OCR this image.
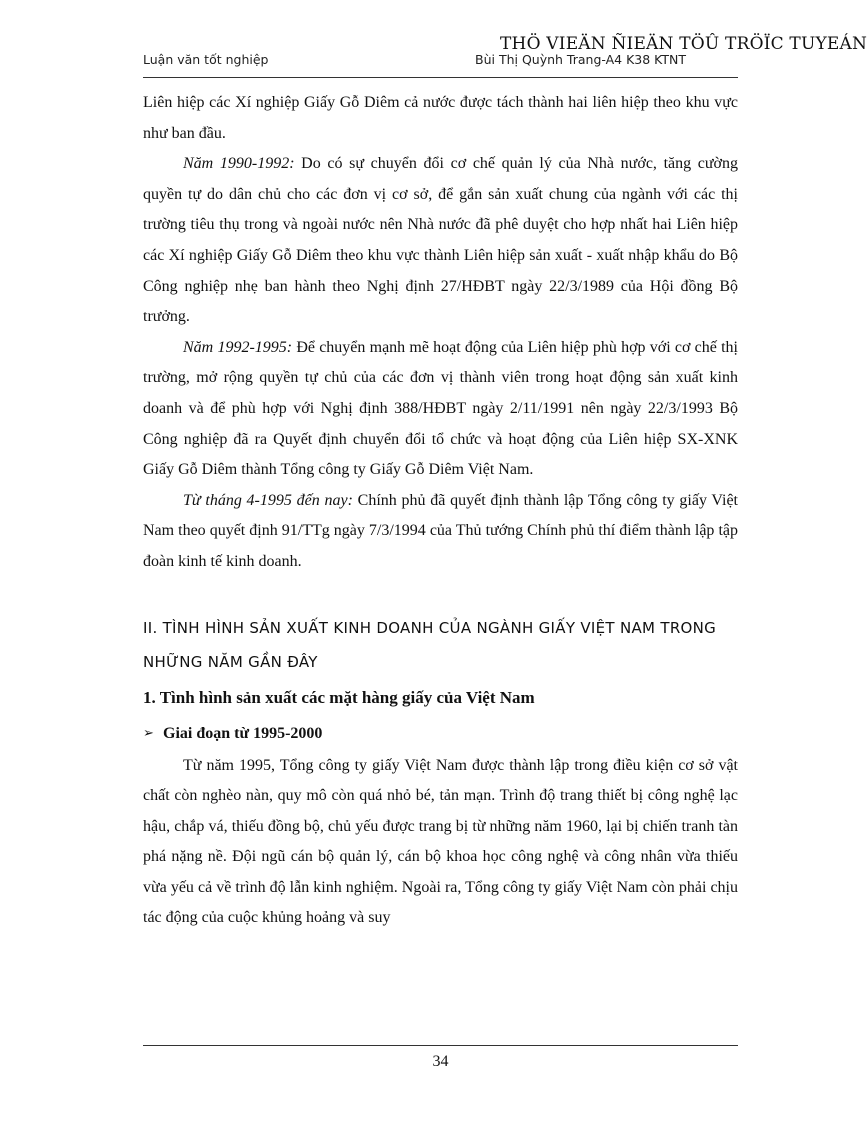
THÖ VIEÄN ÑIEÄN TÖÛ TRÖÏC TUYEÁN
Luận văn tốt nghiệp	Bùi Thị Quỳnh Trang-A4 K38 KTNT

Liên hiệp các Xí nghiệp Giấy Gỗ Diêm cả nước được tách thành hai liên hiệp theo khu vực như ban đầu.

Năm 1990-1992: Do có sự chuyển đổi cơ chế quản lý của Nhà nước, tăng cường quyền tự do dân chủ cho các đơn vị cơ sở, để gắn sản xuất chung của ngành với các thị trường tiêu thụ trong và ngoài nước nên Nhà nước đã phê duyệt cho hợp nhất hai Liên hiệp các Xí nghiệp Giấy Gỗ Diêm theo khu vực thành Liên hiệp sản xuất - xuất nhập khẩu do Bộ Công nghiệp nhẹ ban hành theo Nghị định 27/HĐBT ngày 22/3/1989 của Hội đồng Bộ trưởng.

Năm 1992-1995: Để chuyển mạnh mẽ hoạt động của Liên hiệp phù hợp với cơ chế thị trường, mở rộng quyền tự chủ của các đơn vị thành viên trong hoạt động sản xuất kinh doanh và để phù hợp với Nghị định 388/HĐBT ngày 2/11/1991 nên ngày 22/3/1993 Bộ Công nghiệp đã ra Quyết định chuyển đổi tổ chức và hoạt động của Liên hiệp SX-XNK Giấy Gỗ Diêm thành Tổng công ty Giấy Gỗ Diêm Việt Nam.

Từ tháng 4-1995 đến nay: Chính phủ đã quyết định thành lập Tổng công ty giấy Việt Nam theo quyết định 91/TTg ngày 7/3/1994 của Thủ tướng Chính phủ thí điểm thành lập tập đoàn kinh tế kinh doanh.

II. TÌNH HÌNH SẢN XUẤT KINH DOANH CỦA NGÀNH GIẤY VIỆT NAM TRONG
NHỮNG NĂM GẦN ĐÂY
1. Tình hình sản xuất các mặt hàng giấy của Việt Nam
➢ Giai đoạn từ 1995-2000

Từ năm 1995, Tổng công ty giấy Việt Nam được thành lập trong điều kiện cơ sở vật chất còn nghèo nàn, quy mô còn quá nhỏ bé, tản mạn. Trình độ trang thiết bị công nghệ lạc hậu, chắp vá, thiếu đồng bộ, chủ yếu được trang bị từ những năm 1960, lại bị chiến tranh tàn phá nặng nề. Đội ngũ cán bộ quản lý, cán bộ khoa học công nghệ và công nhân vừa thiếu vừa yếu cả về trình độ lẫn kinh nghiệm. Ngoài ra, Tổng công ty giấy Việt Nam còn phải chịu tác động của cuộc khủng hoảng và suy

34
